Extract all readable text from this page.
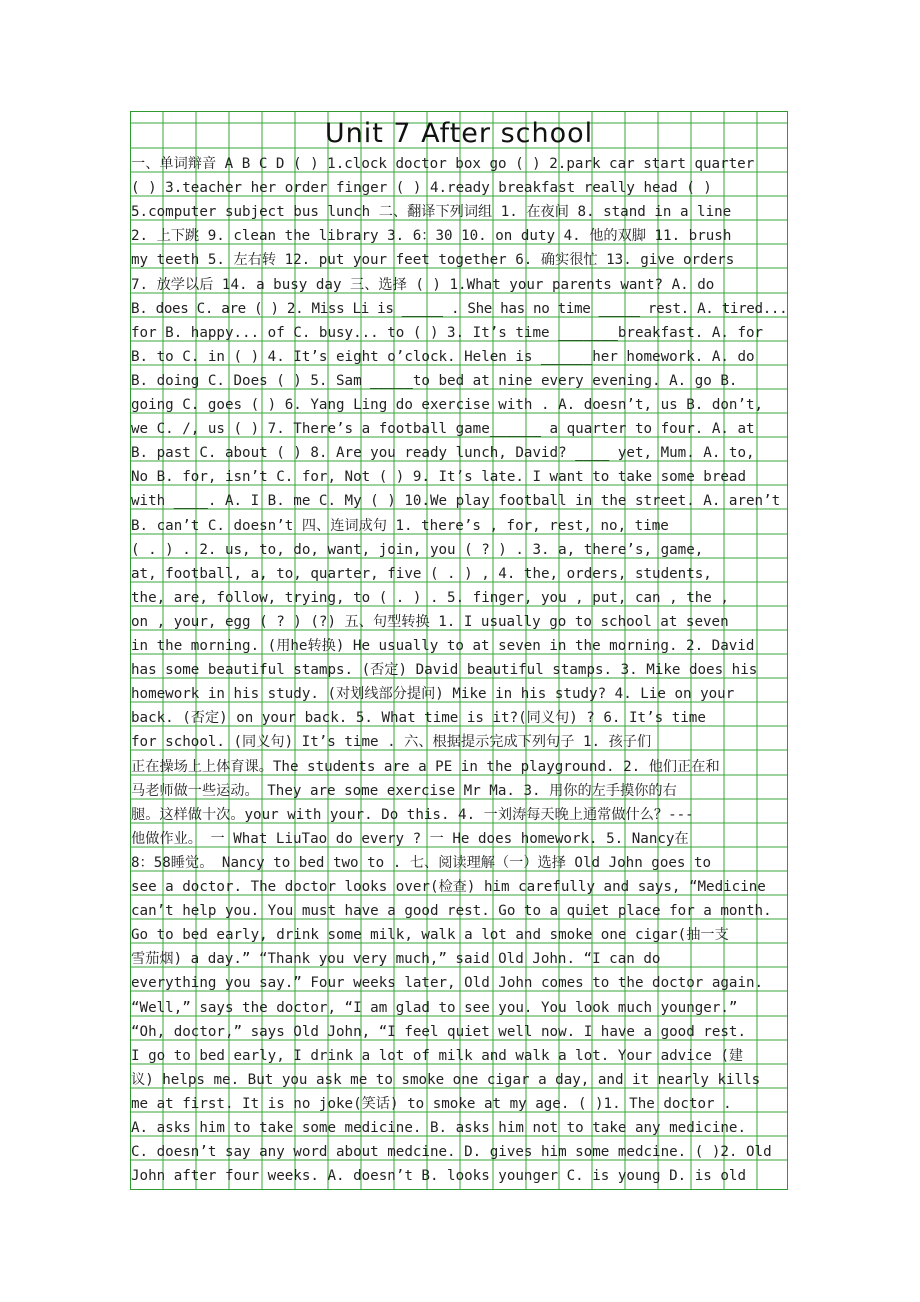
Unit 7 After school
一、单词辩音 A B C D ( ) 1.clock doctor box go ( ) 2.park car start quarter
( ) 3.teacher her order finger ( ) 4.ready breakfast really head ( )
5.computer subject bus lunch 二、翻译下列词组 1. 在夜间 8. stand in a line
2. 上下跳 9. clean the library 3. 6：30 10. on duty 4. 他的双脚 11. brush
my teeth 5. 左右转 12. put your feet together 6. 确实很忙 13. give orders
7. 放学以后 14. a busy day 三、选择 ( ) 1.What your parents want? A. do
B. does C. are ( ) 2. Miss Li is _____ . She has no time _____ rest. A. tired...
for B. happy... of C. busy... to ( ) 3. It’s time _______breakfast. A. for
B. to C. in ( ) 4. It’s eight o’clock. Helen is ______her homework. A. do
B. doing C. Does ( ) 5. Sam _____to bed at nine every evening. A. go B.
going C. goes ( ) 6. Yang Ling do exercise with . A. doesn’t, us B. don’t,
we C. /, us ( ) 7. There’s a football game______ a quarter to four. A. at
B. past C. about ( ) 8. Are you ready lunch, David? ____ yet, Mum. A. to,
No B. for, isn’t C. for, Not ( ) 9. It’s late. I want to take some bread
with ____. A. I B. me C. My ( ) 10.We play football in the street. A. aren’t
B. can’t C. doesn’t 四、连词成句 1. there’s , for, rest, no, time
( . ) . 2. us, to, do, want, join, you ( ? ) . 3. a, there’s, game,
at, football, a, to, quarter, five ( . ) , 4. the, orders, students,
the, are, follow, trying, to ( . ) . 5. finger, you , put, can , the ,
on , your, egg ( ? ) (?) 五、句型转换 1. I usually go to school at seven
in the morning. (用he转换) He usually to at seven in the morning. 2. David
has some beautiful stamps. (否定) David beautiful stamps. 3. Mike does his
homework in his study. (对划线部分提问) Mike in his study? 4. Lie on your
back. (否定) on your back. 5. What time is it?(同义句) ? 6. It’s time
for school. (同义句) It’s time . 六、根据提示完成下列句子 1. 孩子们
正在操场上上体育课。The students are a PE in the playground. 2. 他们正在和
马老师做一些运动。 They are some exercise Mr Ma. 3. 用你的左手摸你的右
腿。这样做十次。your with your. Do this. 4. 一刘涛每天晚上通常做什么？---
他做作业。 一 What LiuTao do every ? 一 He does homework. 5. Nancy在
8：58睡觉。 Nancy to bed two to . 七、阅读理解（一）选择 Old John goes to
see a doctor. The doctor looks over(检查) him carefully and says, “Medicine
can’t help you. You must have a good rest. Go to a quiet place for a month.
Go to bed early, drink some milk, walk a lot and smoke one cigar(抽一支
雪茄烟) a day.” “Thank you very much,” said Old John. “I can do
everything you say.” Four weeks later, Old John comes to the doctor again.
“Well,” says the doctor, “I am glad to see you. You look much younger.”
“Oh, doctor,” says Old John, “I feel quiet well now. I have a good rest.
I go to bed early, I drink a lot of milk and walk a lot. Your advice (建
议) helps me. But you ask me to smoke one cigar a day, and it nearly kills
me at first. It is no joke(笑话) to smoke at my age. ( )1. The doctor .
A. asks him to take some medicine. B. asks him not to take any medicine.
C. doesn’t say any word about medcine. D. gives him some medcine. ( )2. Old
John after four weeks. A. doesn’t B. looks younger C. is young D. is old
